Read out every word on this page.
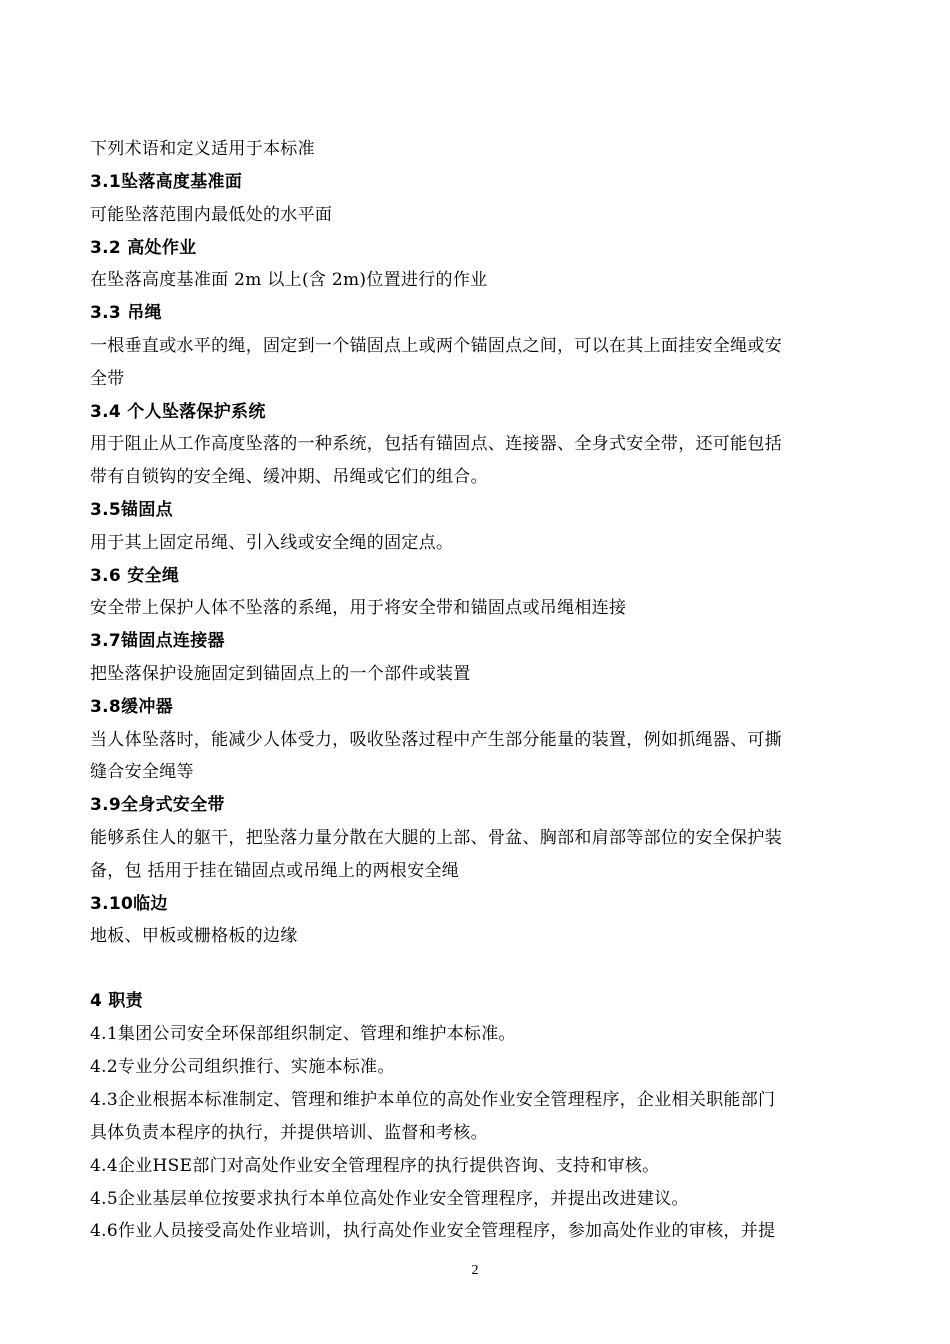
下列术语和定义适用于本标准
3.1坠落高度基准面
可能坠落范围内最低处的水平面
3.2 高处作业
在坠落高度基准面 2m 以上(含 2m)位置进行的作业
3.3 吊绳
一根垂直或水平的绳，固定到一个锚固点上或两个锚固点之间，可以在其上面挂安全绳或安
全带
3.4 个人坠落保护系统
用于阻止从工作高度坠落的一种系统，包括有锚固点、连接器、全身式安全带，还可能包括
带有自锁钩的安全绳、缓冲期、吊绳或它们的组合。
3.5锚固点
用于其上固定吊绳、引入线或安全绳的固定点。
3.6 安全绳
安全带上保护人体不坠落的系绳，用于将安全带和锚固点或吊绳相连接
3.7锚固点连接器
把坠落保护设施固定到锚固点上的一个部件或装置
3.8缓冲器
当人体坠落时，能减少人体受力，吸收坠落过程中产生部分能量的装置，例如抓绳器、可撕
缝合安全绳等
3.9全身式安全带
能够系住人的躯干，把坠落力量分散在大腿的上部、骨盆、胸部和肩部等部位的安全保护装
备，包 括用于挂在锚固点或吊绳上的两根安全绳
3.10临边
地板、甲板或栅格板的边缘
4 职责
4.1集团公司安全环保部组织制定、管理和维护本标准。
4.2专业分公司组织推行、实施本标准。
4.3企业根据本标准制定、管理和维护本单位的高处作业安全管理程序，企业相关职能部门
具体负责本程序的执行，并提供培训、监督和考核。
4.4企业HSE部门对高处作业安全管理程序的执行提供咨询、支持和审核。
4.5企业基层单位按要求执行本单位高处作业安全管理程序，并提出改进建议。
4.6作业人员接受高处作业培训，执行高处作业安全管理程序，参加高处作业的审核，并提
2
